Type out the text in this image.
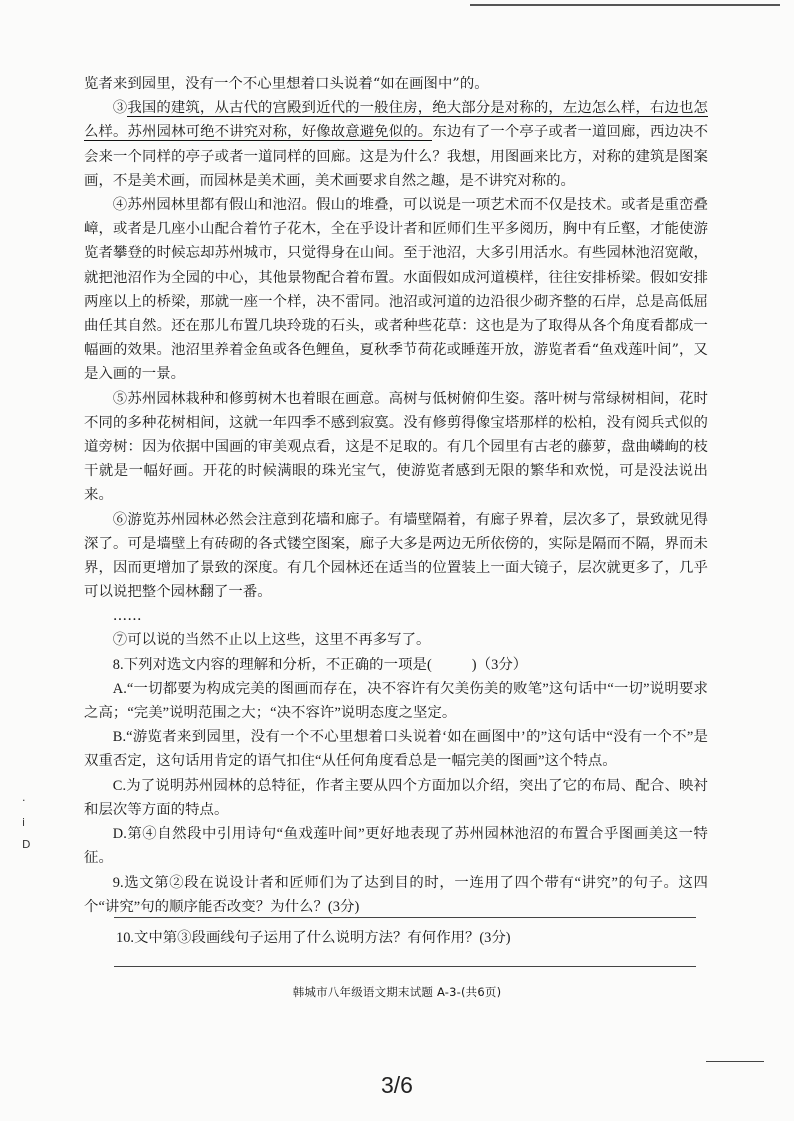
览者来到园里，没有一个不心里想着口头说着“如在画图中”的。

③我国的建筑，从古代的宫殿到近代的一般住房，绝大部分是对称的，左边怎么样，右边也怎么样。苏州园林可绝不讲究对称，好像故意避免似的。东边有了一个亭子或者一道回廊，西边决不会来一个同样的亭子或者一道同样的回廊。这是为什么？我想，用图画来比方，对称的建筑是图案画，不是美术画，而园林是美术画，美术画要求自然之趣，是不讲究对称的。

④苏州园林里都有假山和池沼。假山的堆叠，可以说是一项艺术而不仅是技术。或者是重峦叠嶂，或者是几座小山配合着竹子花木，全在乎设计者和匠师们生平多阅历，胸中有丘壑，才能使游览者攀登的时候忘却苏州城市，只觉得身在山间。至于池沼，大多引用活水。有些园林池沼宽敞，就把池沼作为全园的中心，其他景物配合着布置。水面假如成河道模样，往往安排桥梁。假如安排两座以上的桥梁，那就一座一个样，决不雷同。池沼或河道的边沿很少砌齐整的石岸，总是高低屈曲任其自然。还在那儿布置几块玲珑的石头，或者种些花草：这也是为了取得从各个角度看都成一幅画的效果。池沼里养着金鱼或各色鲤鱼，夏秋季节荷花或睡莲开放，游览者看“鱼戏莲叶间”，又是入画的一景。

⑤苏州园林栽种和修剪树木也着眼在画意。高树与低树俯仰生姿。落叶树与常绿树相间，花时不同的多种花树相间，这就一年四季不感到寂寞。没有修剪得像宝塔那样的松柏，没有阅兵式似的道旁树：因为依据中国画的审美观点看，这是不足取的。有几个园里有古老的藤萝，盘曲嶙峋的枝干就是一幅好画。开花的时候满眼的珠光宝气，使游览者感到无限的繁华和欢悦，可是没法说出来。

⑥游览苏州园林必然会注意到花墙和廊子。有墙壁隔着，有廊子界着，层次多了，景致就见得深了。可是墙壁上有砖砌的各式镂空图案，廊子大多是两边无所依傍的，实际是隔而不隔，界而未界，因而更增加了景致的深度。有几个园林还在适当的位置装上一面大镜子，层次就更多了，几乎可以说把整个园林翻了一番。

……

⑦可以说的当然不止以上这些，这里不再多写了。

8.下列对选文内容的理解和分析，不正确的一项是(	)（3分）

A.“一切都要为构成完美的图画而存在，决不容许有欠美伤美的败笔”这句话中“一切”说明要求之高；“完美”说明范围之大；“决不容许”说明态度之坚定。

B.“游览者来到园里，没有一个不心里想着口头说着‘如在画图中’的”这句话中“没有一个不”是双重否定，这句话用肯定的语气扣住“从任何角度看总是一幅完美的图画”这个特点。

C.为了说明苏州园林的总特征，作者主要从四个方面加以介绍，突出了它的布局、配合、映衬和层次等方面的特点。

D.第④自然段中引用诗句“鱼戏莲叶间”更好地表现了苏州园林池沼的布置合乎图画美这一特征。

9.选文第②段在说设计者和匠师们为了达到目的时，一连用了四个带有“讲究”的句子。这四个“讲究”句的顺序能否改变？为什么？(3分)

10.文中第③段画线句子运用了什么说明方法？有何作用？(3分)

韩城市八年级语文期末试题 A-3-(共6页)
3/6
·
i
D
